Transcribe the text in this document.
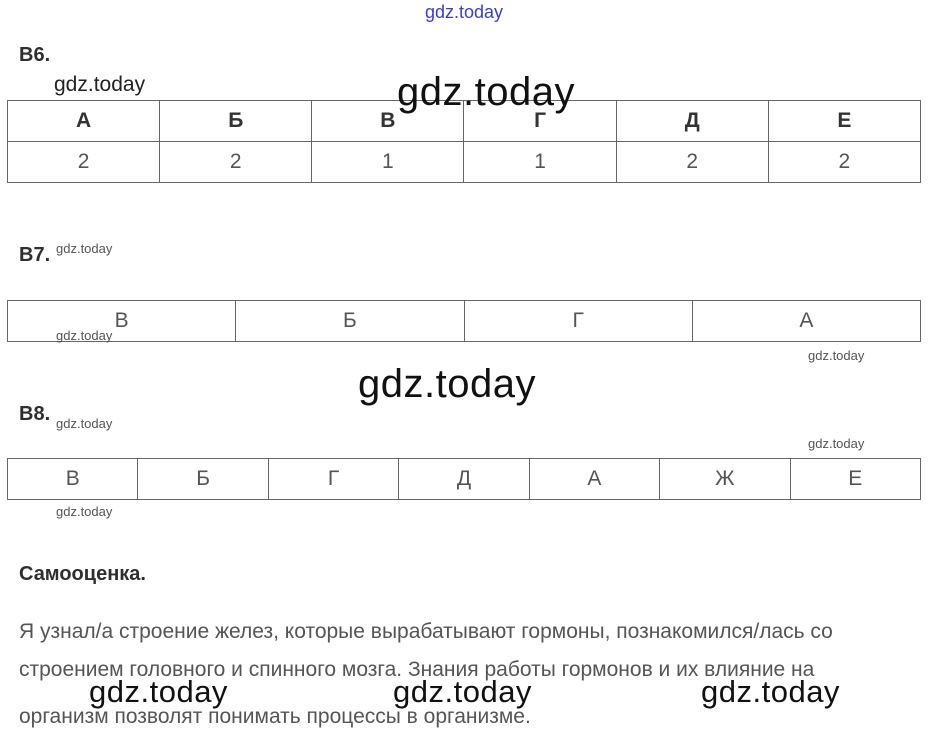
gdz.today
B6.
gdz.today
А	Б	В	Г	Д	Е
2	2	1	1	2	2
gdz.today
B7. gdz.today
В	Б	Г	А
gdz.today
gdz.today
gdz.today
B8. gdz.today
gdz.today
В	Б	Г	Д	А	Ж	Е
gdz.today
Самооценка.
Я узнал/а строение желез, которые вырабатывают гормоны, познакомился/лась со
строением головного и спинного мозга. Знания работы гормонов и их влияние на
организм позволят понимать процессы в организме.
gdz.today	gdz.today	gdz.today
